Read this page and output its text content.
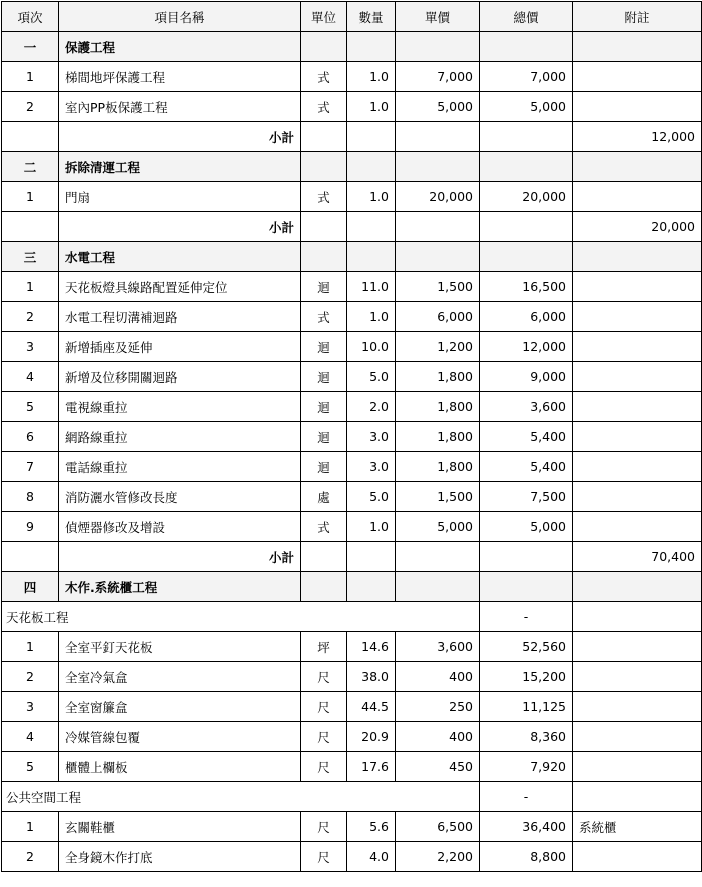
項次	項目名稱	單位	數量	單價	總價	附註
一	保護工程					
1	梯間地坪保護工程	式	1.0	7,000	7,000	
2	室內PP板保護工程	式	1.0	5,000	5,000	
	小計					12,000
二	拆除清運工程					
1	門扇	式	1.0	20,000	20,000	
	小計					20,000
三	水電工程					
1	天花板燈具線路配置延伸定位	迴	11.0	1,500	16,500	
2	水電工程切溝補迴路	式	1.0	6,000	6,000	
3	新增插座及延伸	迴	10.0	1,200	12,000	
4	新增及位移開關迴路	迴	5.0	1,800	9,000	
5	電視線重拉	迴	2.0	1,800	3,600	
6	網路線重拉	迴	3.0	1,800	5,400	
7	電話線重拉	迴	3.0	1,800	5,400	
8	消防灑水管修改長度	處	5.0	1,500	7,500	
9	偵煙器修改及增設	式	1.0	5,000	5,000	
	小計					70,400
四	木作.系統櫃工程					
天花板工程					-	
1	全室平釘天花板	坪	14.6	3,600	52,560	
2	全室冷氣盒	尺	38.0	400	15,200	
3	全室窗簾盒	尺	44.5	250	11,125	
4	冷媒管線包覆	尺	20.9	400	8,360	
5	櫃體上欄板	尺	17.6	450	7,920	
公共空間工程					-	
1	玄關鞋櫃	尺	5.6	6,500	36,400	系統櫃
2	全身鏡木作打底	尺	4.0	2,200	8,800	
